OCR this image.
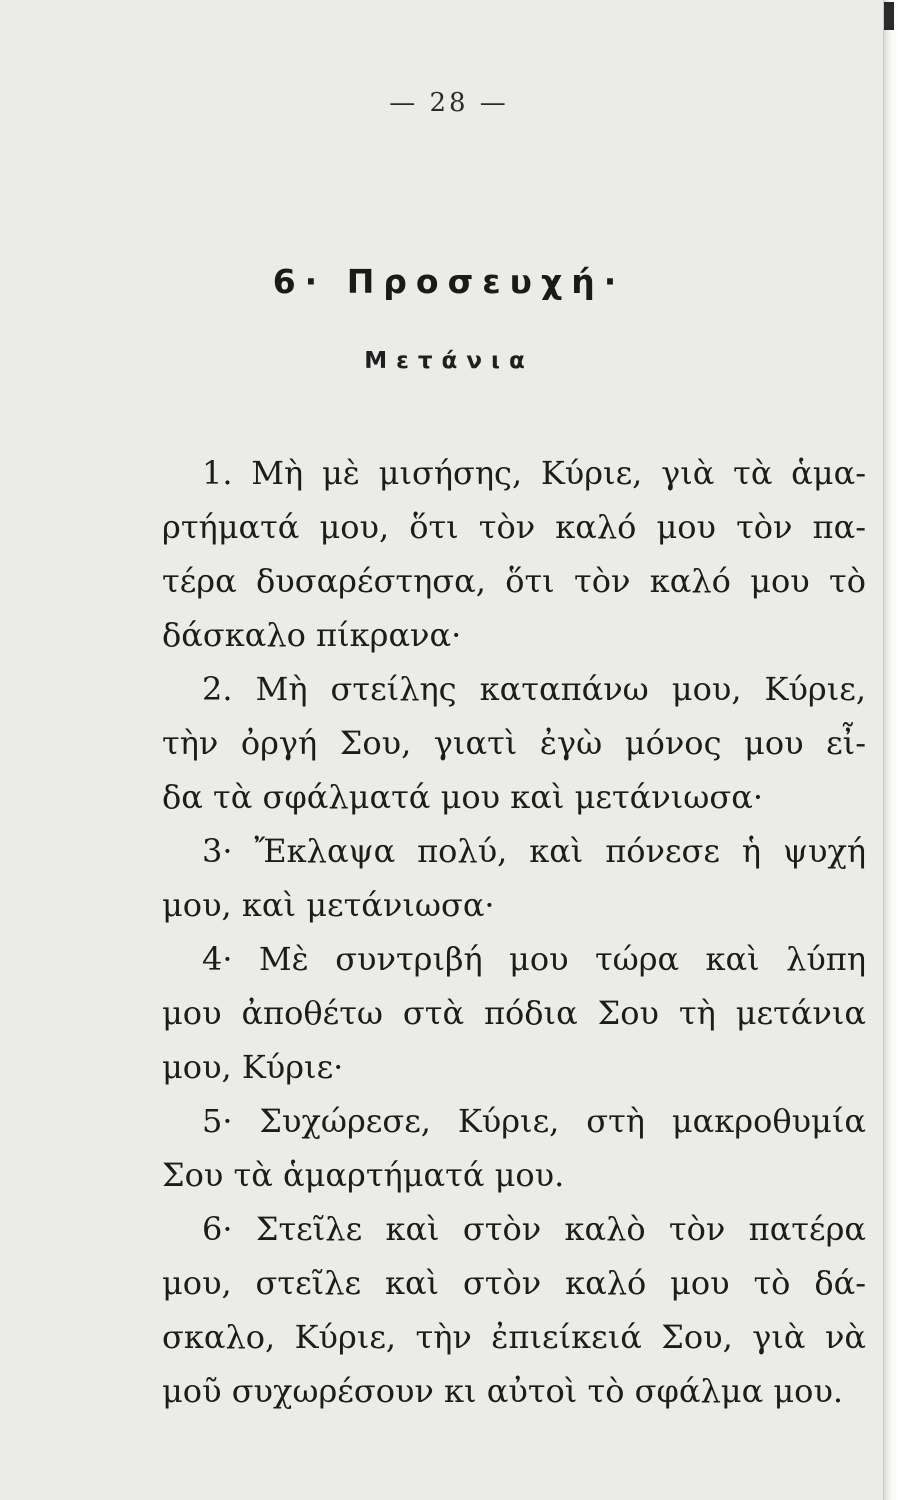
— 28 —
6· Προσευχή·
Μετάνια
1. Μὴ μὲ μισήσης, Κύριε, γιὰ τὰ ἁμα-
ρτήματά μου, ὅτι τὸν καλό μου τὸν πα-
τέρα δυσαρέστησα, ὅτι τὸν καλό μου τὸ
δάσκαλο πίκρανα·
2. Μὴ στείλης καταπάνω μου, Κύριε,
τὴν ὀργή Σου, γιατὶ ἐγὼ μόνος μου εἶ-
δα τὰ σφάλματά μου καὶ μετάνιωσα·
3· Ἔκλαψα πολύ, καὶ πόνεσε ἡ ψυχή
μου, καὶ μετάνιωσα·
4· Μὲ συντριβή μου τώρα καὶ λύπη
μου ἀποθέτω στὰ πόδια Σου τὴ μετάνια
μου, Κύριε·
5· Συχώρεσε, Κύριε, στὴ μακροθυμία
Σου τὰ ἁμαρτήματά μου.
6· Στεῖλε καὶ στὸν καλὸ τὸν πατέρα
μου, στεῖλε καὶ στὸν καλό μου τὸ δά-
σκαλο, Κύριε, τὴν ἐπιείκειά Σου, γιὰ νὰ
μοῦ συχωρέσουν κι αὐτοὶ τὸ σφάλμα μου.
